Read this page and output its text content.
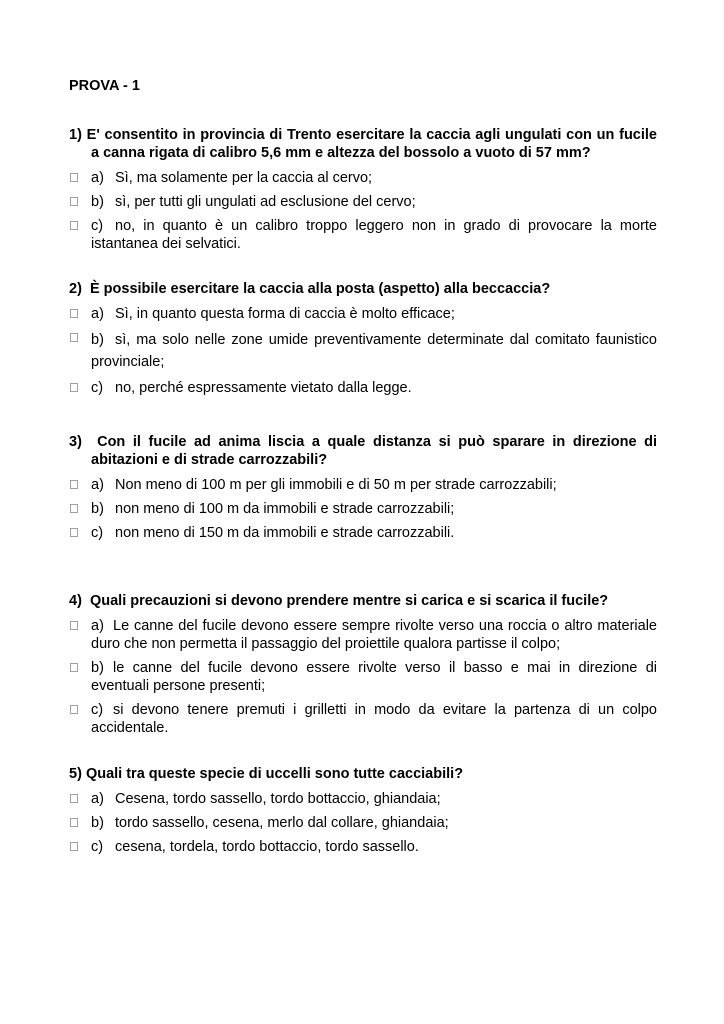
PROVA - 1

1) E' consentito in provincia di Trento esercitare la caccia agli ungulati con un fucile a canna rigata di calibro 5,6 mm e altezza del bossolo a vuoto di 57 mm?

a) Sì, ma solamente per la caccia al cervo;
b) sì, per tutti gli ungulati ad esclusione del cervo;
c) no, in quanto è un calibro troppo leggero non in grado di provocare la morte istantanea dei selvatici.

2) È possibile esercitare la caccia alla posta (aspetto) alla beccaccia?

a) Sì, in quanto questa forma di caccia è molto efficace;
b) sì, ma solo nelle zone umide preventivamente determinate dal comitato faunistico provinciale;
c) no, perché espressamente vietato dalla legge.

3) Con il fucile ad anima liscia a quale distanza si può sparare in direzione di abitazioni e di strade carrozzabili?

a) Non meno di 100 m per gli immobili e di 50 m per strade carrozzabili;
b) non meno di 100 m da immobili e strade carrozzabili;
c) non meno di 150 m da immobili e strade carrozzabili.

4) Quali precauzioni si devono prendere mentre si carica e si scarica il fucile?

a) Le canne del fucile devono essere sempre rivolte verso una roccia o altro materiale duro che non permetta il passaggio del proiettile qualora partisse il colpo;
b) le canne del fucile devono essere rivolte verso il basso e mai in direzione di eventuali persone presenti;
c) si devono tenere premuti i grilletti in modo da evitare la partenza di un colpo accidentale.

5) Quali tra queste specie di uccelli sono tutte cacciabili?

a) Cesena, tordo sassello, tordo bottaccio, ghiandaia;
b) tordo sassello, cesena, merlo dal collare, ghiandaia;
c) cesena, tordela, tordo bottaccio, tordo sassello.
